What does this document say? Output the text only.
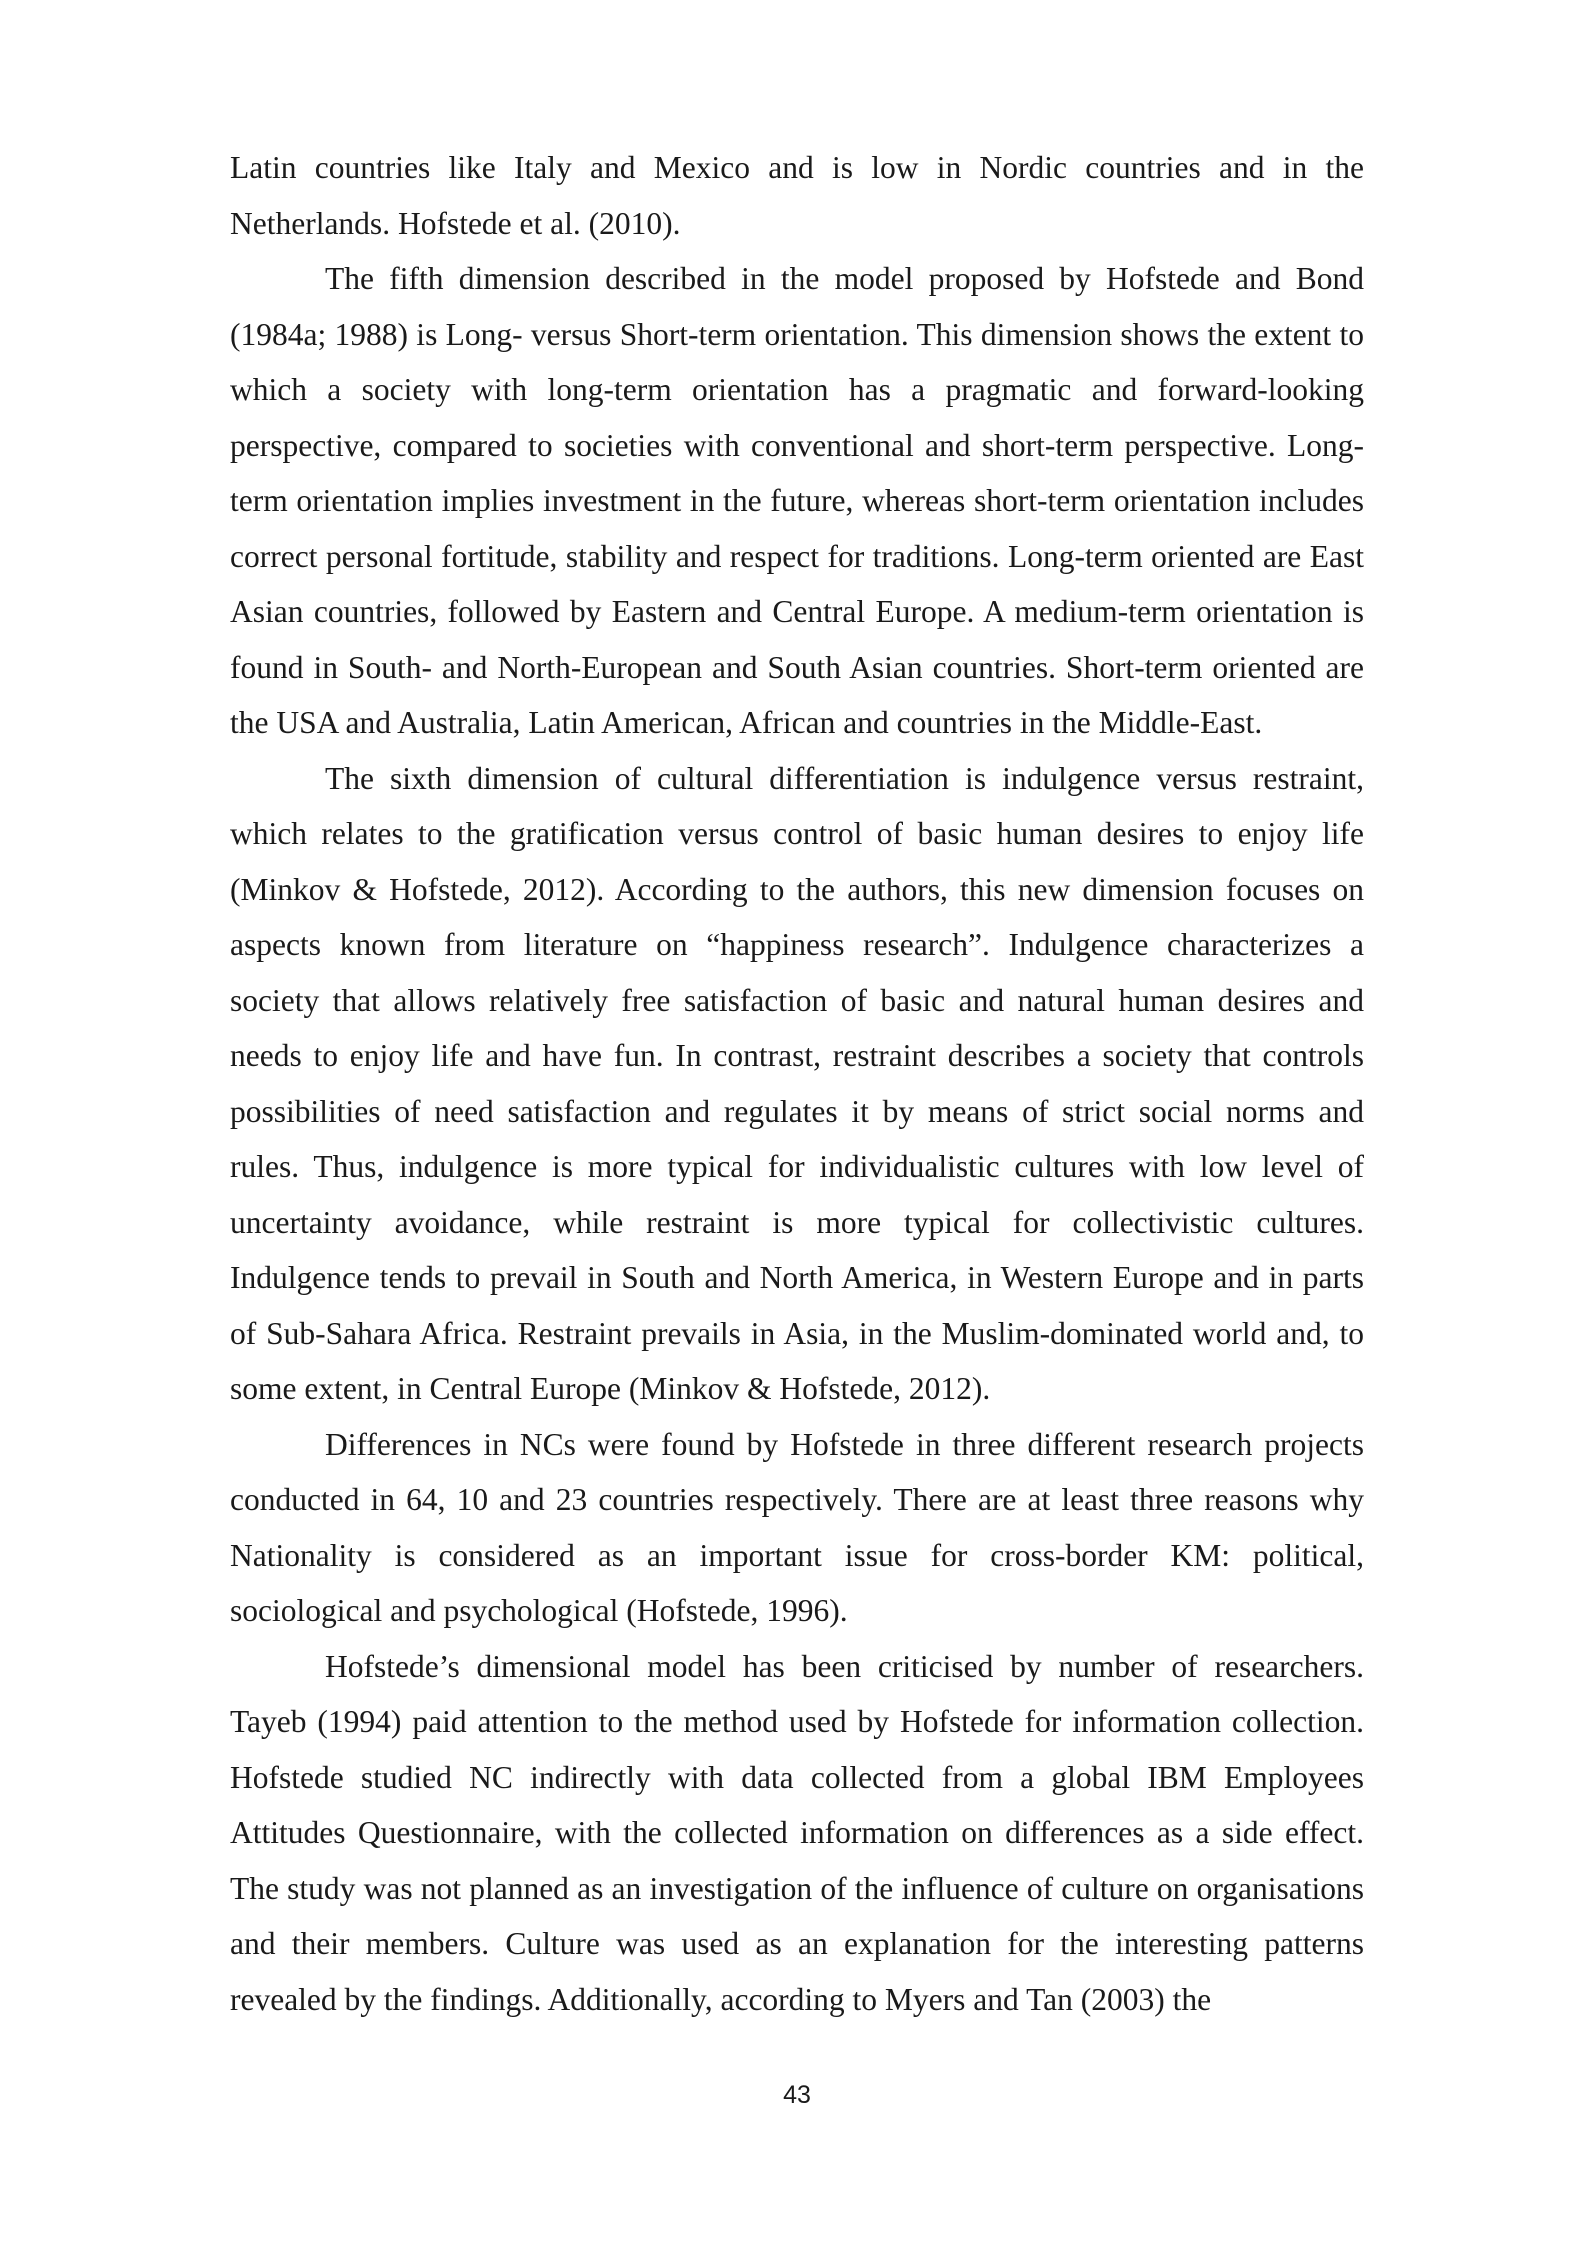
Latin countries like Italy and Mexico and is low in Nordic countries and in the Netherlands. Hofstede et al. (2010).

The fifth dimension described in the model proposed by Hofstede and Bond (1984a; 1988) is Long- versus Short-term orientation. This dimension shows the extent to which a society with long-term orientation has a pragmatic and forward-looking perspective, compared to societies with conventional and short-term perspective. Long-term orientation implies investment in the future, whereas short-term orientation includes correct personal fortitude, stability and respect for traditions. Long-term oriented are East Asian countries, followed by Eastern and Central Europe. A medium-term orientation is found in South- and North-European and South Asian countries. Short-term oriented are the USA and Australia, Latin American, African and countries in the Middle-East.

The sixth dimension of cultural differentiation is indulgence versus restraint, which relates to the gratification versus control of basic human desires to enjoy life (Minkov & Hofstede, 2012). According to the authors, this new dimension focuses on aspects known from literature on “happiness research”. Indulgence characterizes a society that allows relatively free satisfaction of basic and natural human desires and needs to enjoy life and have fun. In contrast, restraint describes a society that controls possibilities of need satisfaction and regulates it by means of strict social norms and rules. Thus, indulgence is more typical for individualistic cultures with low level of uncertainty avoidance, while restraint is more typical for collectivistic cultures. Indulgence tends to prevail in South and North America, in Western Europe and in parts of Sub-Sahara Africa. Restraint prevails in Asia, in the Muslim-dominated world and, to some extent, in Central Europe (Minkov & Hofstede, 2012).

Differences in NCs were found by Hofstede in three different research projects conducted in 64, 10 and 23 countries respectively. There are at least three reasons why Nationality is considered as an important issue for cross-border KM: political, sociological and psychological (Hofstede, 1996).

Hofstede’s dimensional model has been criticised by number of researchers. Tayeb (1994) paid attention to the method used by Hofstede for information collection. Hofstede studied NC indirectly with data collected from a global IBM Employees Attitudes Questionnaire, with the collected information on differences as a side effect. The study was not planned as an investigation of the influence of culture on organisations and their members. Culture was used as an explanation for the interesting patterns revealed by the findings. Additionally, according to Myers and Tan (2003) the

43
